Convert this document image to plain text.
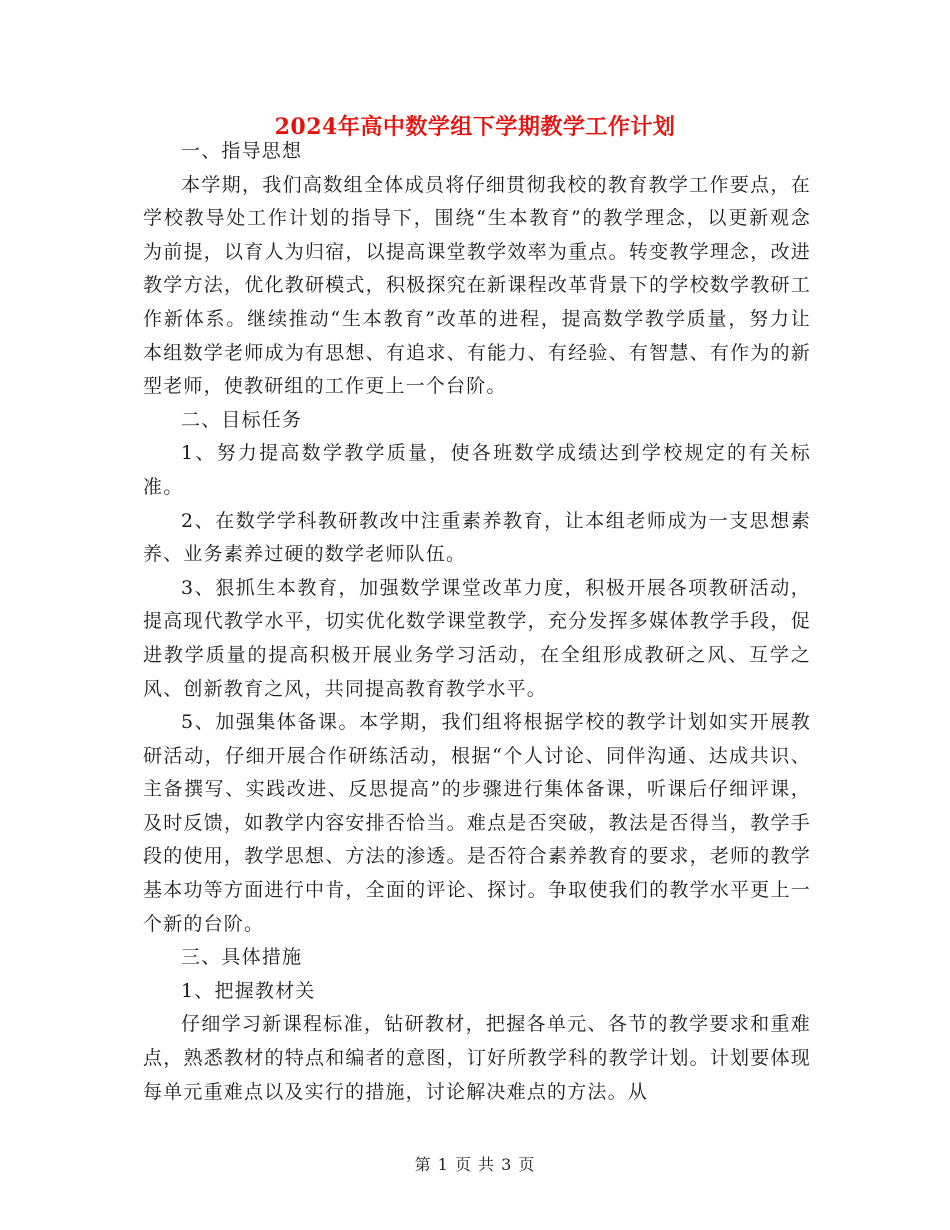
2024年高中数学组下学期教学工作计划

一、指导思想

本学期，我们高数组全体成员将仔细贯彻我校的教育教学工作要点，在学校教导处工作计划的指导下，围绕“生本教育”的教学理念，以更新观念为前提，以育人为归宿，以提高课堂教学效率为重点。转变教学理念，改进教学方法，优化教研模式，积极探究在新课程改革背景下的学校数学教研工作新体系。继续推动“生本教育”改革的进程，提高数学教学质量，努力让本组数学老师成为有思想、有追求、有能力、有经验、有智慧、有作为的新型老师，使教研组的工作更上一个台阶。

二、目标任务

1、努力提高数学教学质量，使各班数学成绩达到学校规定的有关标准。

2、在数学学科教研教改中注重素养教育，让本组老师成为一支思想素养、业务素养过硬的数学老师队伍。

3、狠抓生本教育，加强数学课堂改革力度，积极开展各项教研活动，提高现代教学水平，切实优化数学课堂教学，充分发挥多媒体教学手段，促进教学质量的提高积极开展业务学习活动，在全组形成教研之风、互学之风、创新教育之风，共同提高教育教学水平。

5、加强集体备课。本学期，我们组将根据学校的教学计划如实开展教研活动，仔细开展合作研练活动，根据“个人讨论、同伴沟通、达成共识、主备撰写、实践改进、反思提高”的步骤进行集体备课，听课后仔细评课，及时反馈，如教学内容安排否恰当。难点是否突破，教法是否得当，教学手段的使用，教学思想、方法的渗透。是否符合素养教育的要求，老师的教学基本功等方面进行中肯，全面的评论、探讨。争取使我们的教学水平更上一个新的台阶。

三、具体措施

1、把握教材关

仔细学习新课程标准，钻研教材，把握各单元、各节的教学要求和重难点，熟悉教材的特点和编者的意图，订好所教学科的教学计划。计划要体现每单元重难点以及实行的措施，讨论解决难点的方法。从

第 1 页 共 3 页
